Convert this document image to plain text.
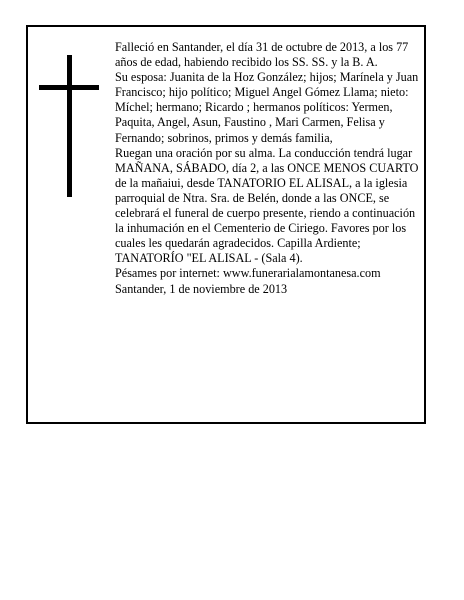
Falleció en Santander, el día 31 de octubre de 2013, a los 77 años de edad, habiendo recibido los SS. SS. y la B. A.

Su esposa: Juanita de la Hoz González; hijos; Marínela y Juan Francisco; hijo político; Miguel Angel Gómez Llama; nieto: Míchel; hermano; Ricardo ; hermanos políticos: Yermen, Paquita, Angel, Asun, Faustino , Mari Carmen, Felisa y Fernando; sobrinos, primos y demás familia,

Ruegan una oración por su alma. La conducción tendrá lugar MAÑANA, SÁBADO, día 2, a las ONCE MENOS CUARTO de la mañaiui, desde TANATORIO EL ALISAL, a la iglesia parroquial de Ntra. Sra. de Belén, donde a las ONCE, se celebrará el funeral de cuerpo presente, riendo a continuación la inhumación en el Cementerio de Ciriego. Favores por los cuales les quedarán agradecidos. Capilla Ardiente; TANATORÍO "EL ALISAL - (Sala 4).

Pésames por internet: www.funerarialamontanesa.com

Santander, 1 de noviembre de 2013
